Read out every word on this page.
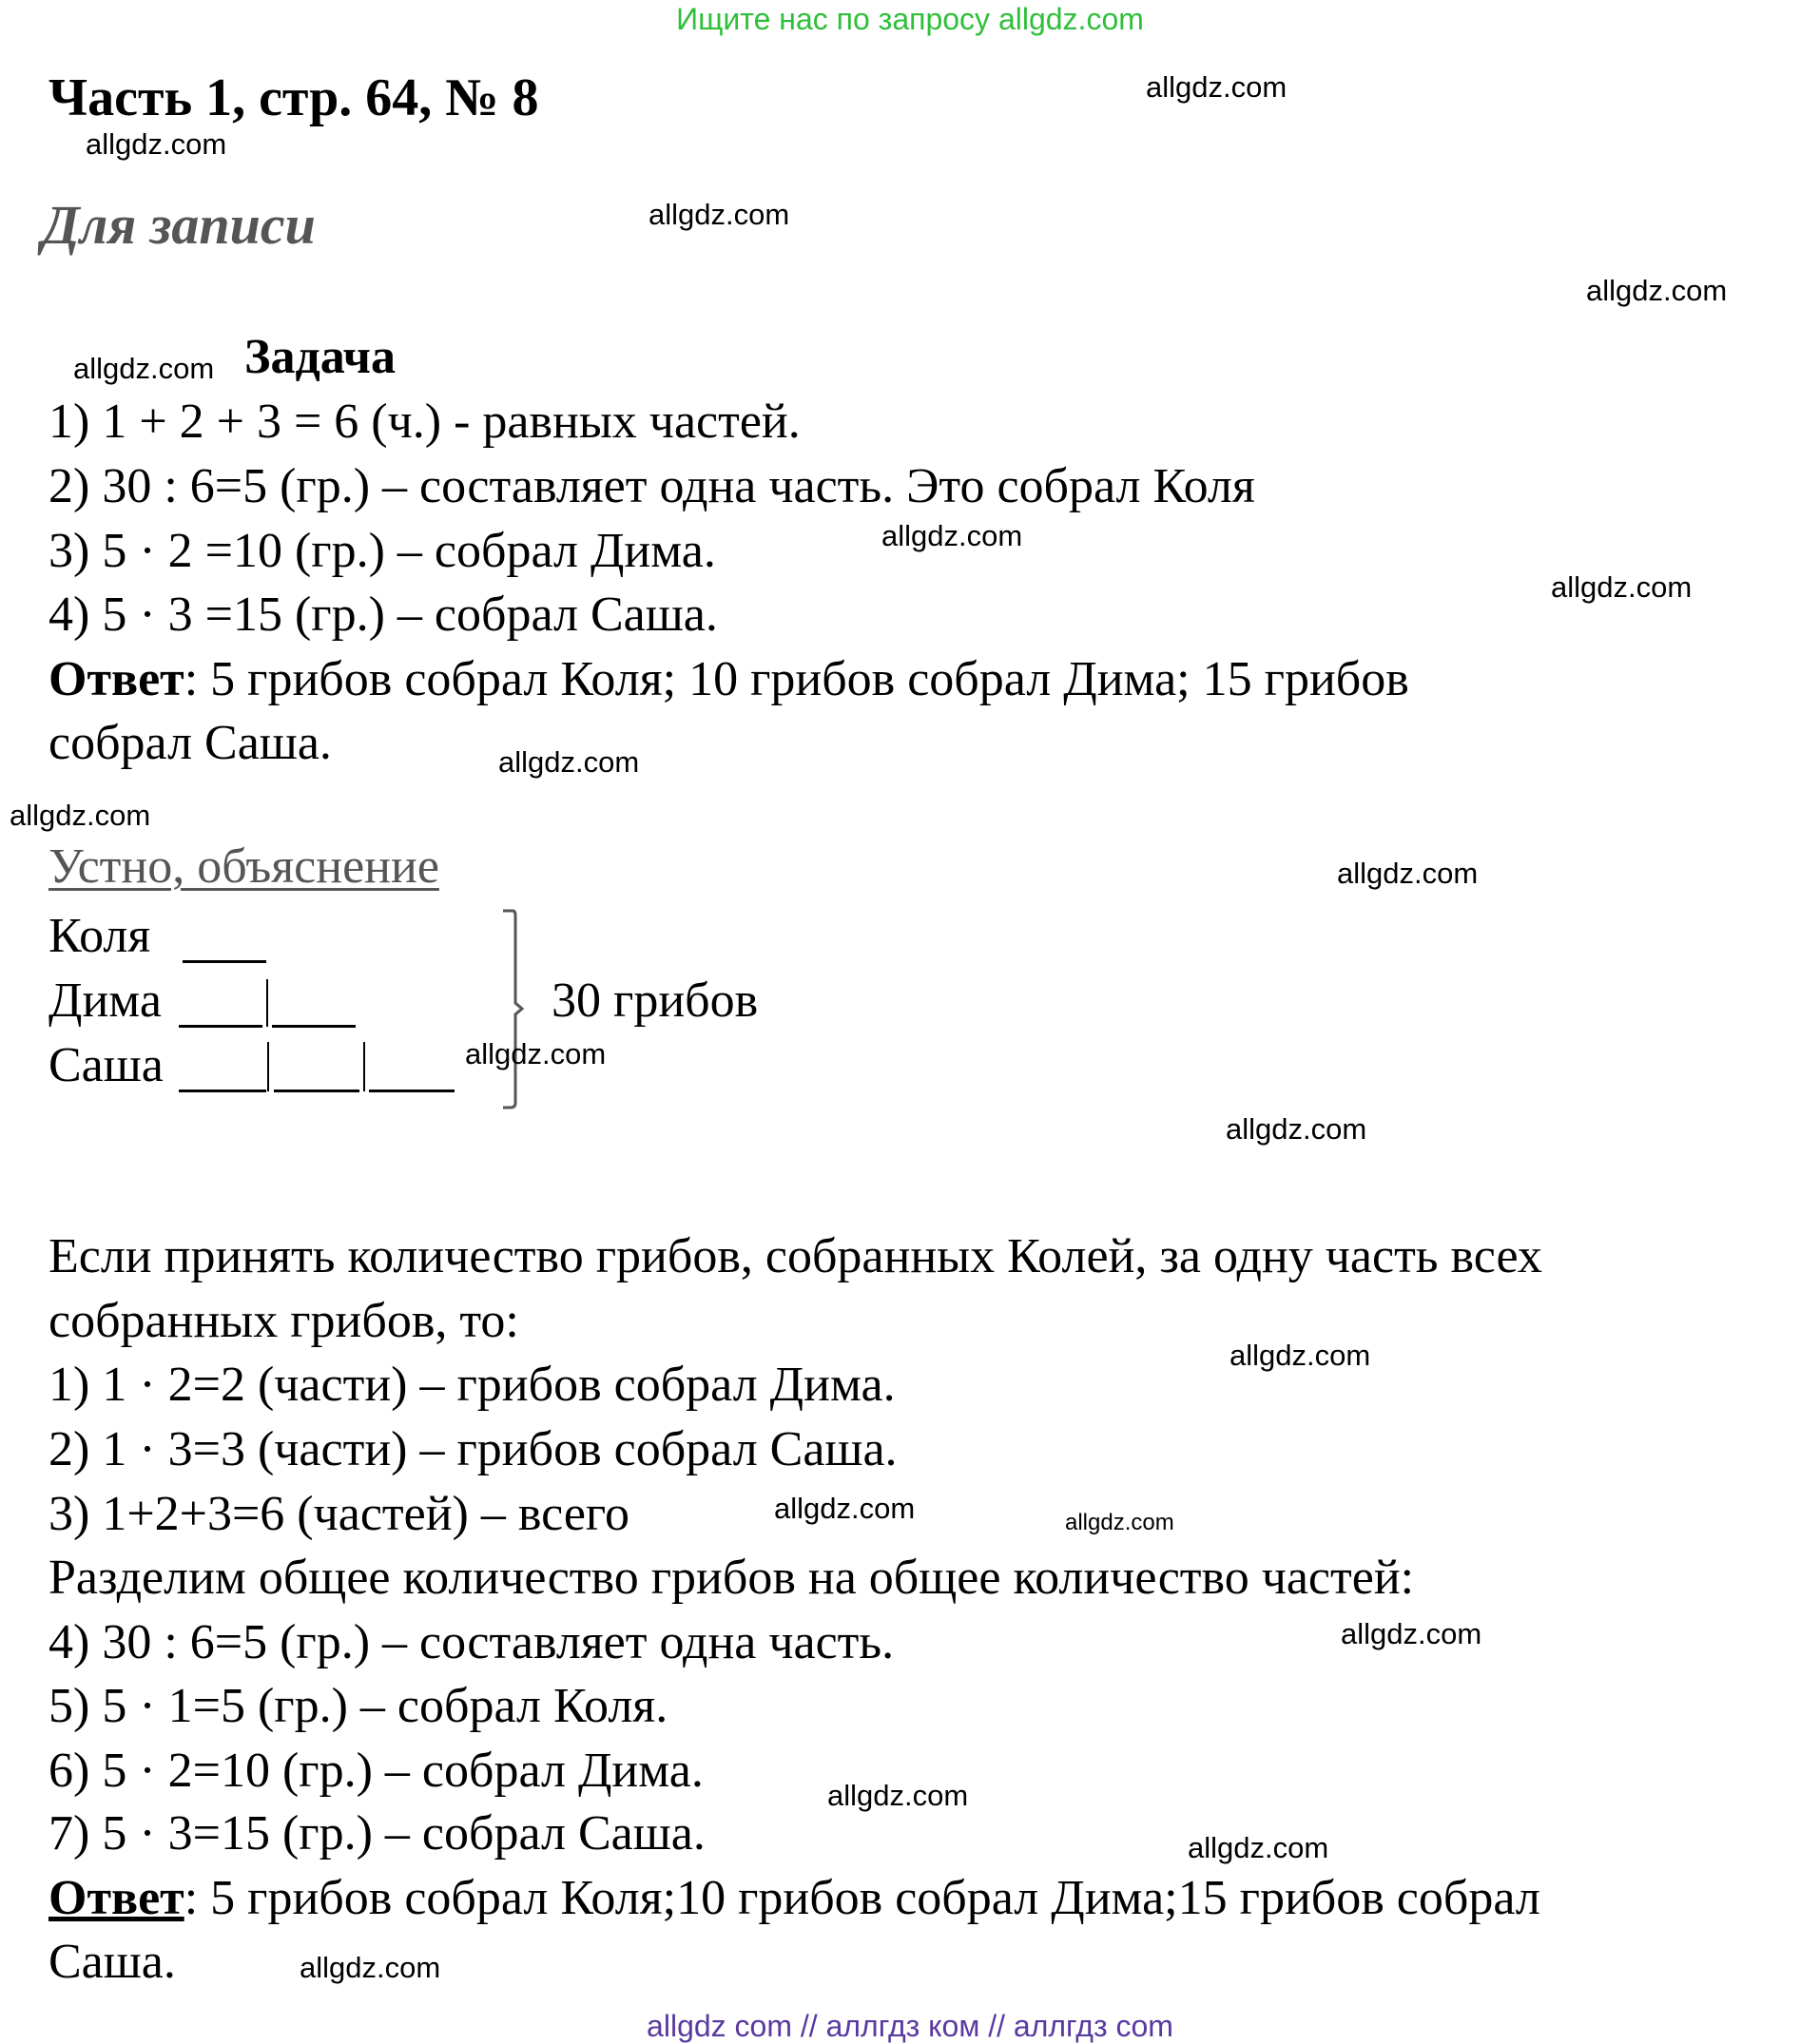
Ищите нас по запросу allgdz.com
Часть 1, стр. 64, № 8
Для записи
Задача
1) 1 + 2 + 3 = 6 (ч.) - равных частей.
2) 30 : 6=5 (гр.) – составляет одна часть. Это собрал Коля
3) 5 · 2 =10 (гр.) – собрал Дима.
4) 5 · 3 =15 (гр.) – собрал Саша.
Ответ: 5 грибов собрал Коля; 10 грибов собрал Дима; 15 грибов
собрал Саша.
Устно, объяснение
Коля
Дима
Саша
30 грибов
Если принять количество грибов, собранных Колей, за одну часть всех
собранных грибов, то:
1) 1 · 2=2 (части) – грибов собрал Дима.
2) 1 · 3=3 (части) – грибов собрал Саша.
3) 1+2+3=6 (частей) – всего
Разделим общее количество грибов на общее количество частей:
4) 30 : 6=5 (гр.) – составляет одна часть.
5) 5 · 1=5 (гр.) – собрал Коля.
6) 5 · 2=10 (гр.) – собрал Дима.
7) 5 · 3=15 (гр.) – собрал Саша.
Ответ: 5 грибов собрал Коля;10 грибов собрал Дима;15 грибов собрал
Саша.
allgdz.com
allgdz.com
allgdz.com
allgdz.com
allgdz.com
allgdz.com
allgdz.com
allgdz.com
allgdz.com
allgdz.com
allgdz.com
allgdz.com
allgdz.com
allgdz.com	allgdz.com
allgdz.com
allgdz.com
allgdz.com
allgdz.com
allgdz com // аллгдз ком // аллгдз com
